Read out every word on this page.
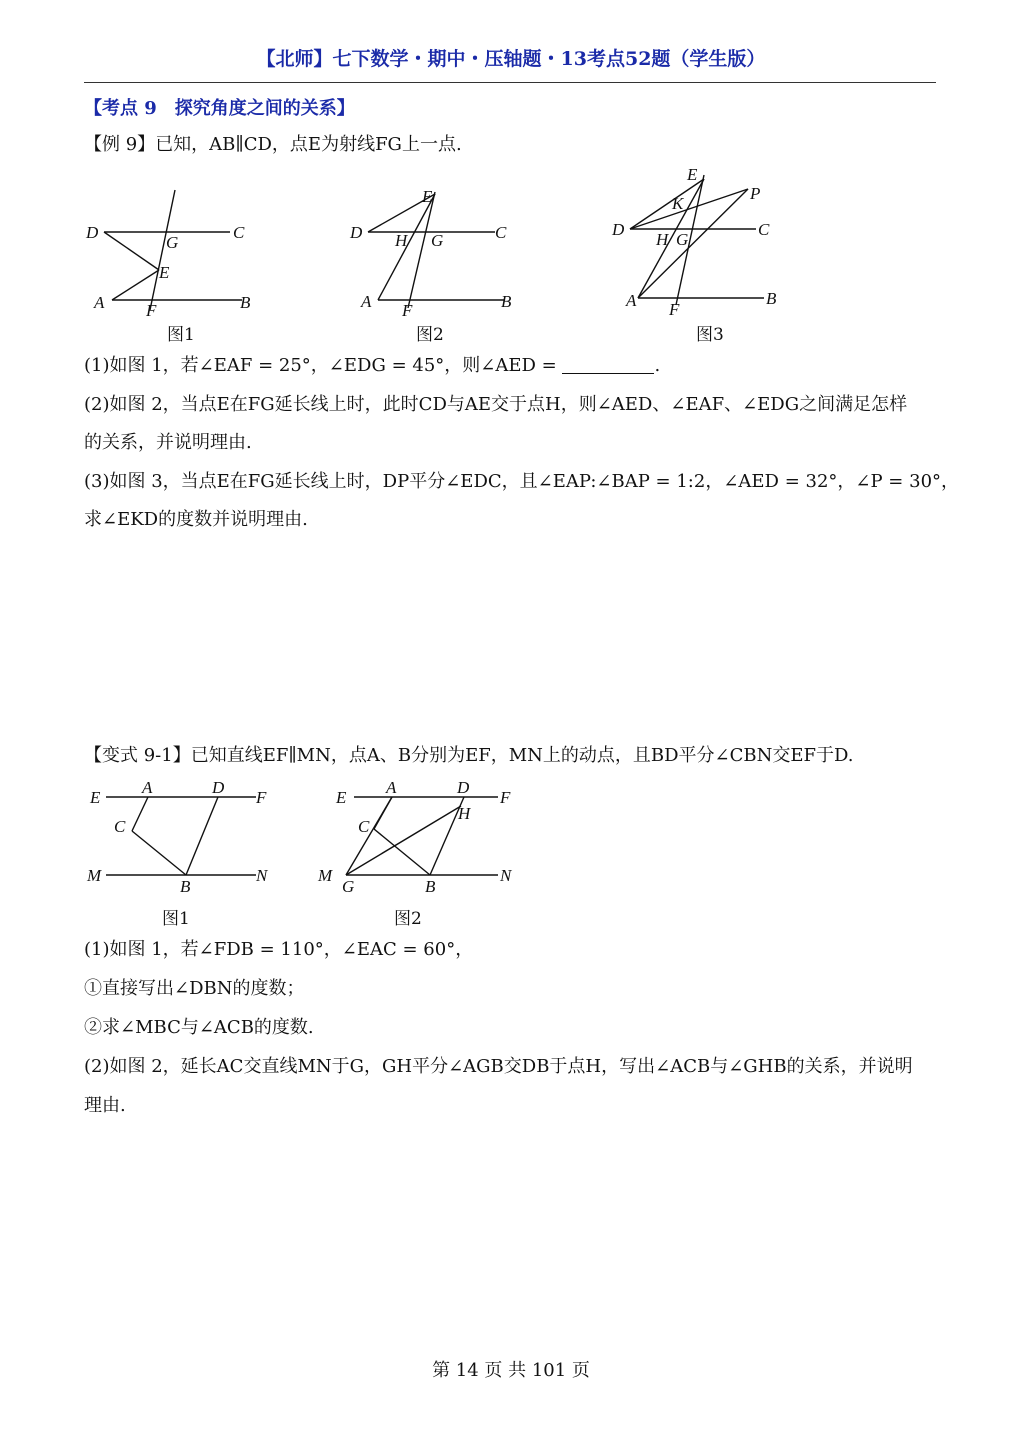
【北师】七下数学・期中・压轴题・13考点52题（学生版）
【考点 9 探究角度之间的关系】
【例 9】已知，AB∥CD，点E为射线FG上一点.
D	C
G
E
A F	B
图1
E
D H G	C
A F	B
图2
E
K
P
D
H G
C
A F
B
图3
(1)如图 1，若∠EAF = 25°，∠EDG = 45°，则∠AED =	.
(2)如图 2，当点E在FG延长线上时，此时CD与AE交于点H，则∠AED、∠EAF、∠EDG之间满足怎样
的关系，并说明理由.
(3)如图 3，当点E在FG延长线上时，DP平分∠EDC，且∠EAP:∠BAP = 1:2，∠AED = 32°，∠P = 30°，
求∠EKD的度数并说明理由.
【变式 9-1】已知直线EF∥MN，点A、B分别为EF，MN上的动点，且BD平分∠CBN交EF于D.
E
A	D
F
C
M
B
N
图1
E
A	D
F
C
H
M
G	B
N
图2
(1)如图 1，若∠FDB = 110°，∠EAC = 60°，
①直接写出∠DBN的度数；
②求∠MBC与∠ACB的度数.
(2)如图 2，延长AC交直线MN于G，GH平分∠AGB交DB于点H，写出∠ACB与∠GHB的关系，并说明
理由.
第 14 页 共 101 页
